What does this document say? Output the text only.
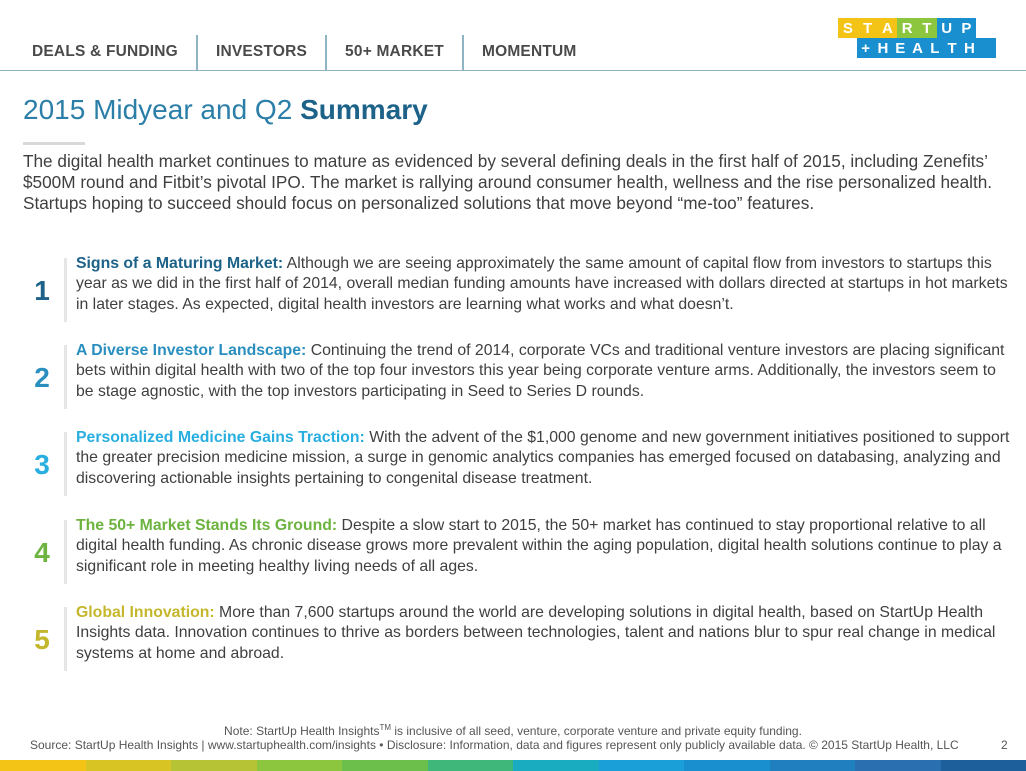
DEALS & FUNDING	INVESTORS	50+ MARKET	MOMENTUM
S T A R T U P
+ H E A L T H
2015 Midyear and Q2 Summary
The digital health market continues to mature as evidenced by several defining deals in the first half of 2015, including Zenefits’ $500M round and Fitbit’s pivotal IPO. The market is rallying around consumer health, wellness and the rise personalized health. Startups hoping to succeed should focus on personalized solutions that move beyond “me-too” features.
1
Signs of a Maturing Market: Although we are seeing approximately the same amount of capital flow from investors to startups this year as we did in the first half of 2014, overall median funding amounts have increased with dollars directed at startups in hot markets in later stages. As expected, digital health investors are learning what works and what doesn’t.
2
A Diverse Investor Landscape: Continuing the trend of 2014, corporate VCs and traditional venture investors are placing significant bets within digital health with two of the top four investors this year being corporate venture arms. Additionally, the investors seem to be stage agnostic, with the top investors participating in Seed to Series D rounds.
3
Personalized Medicine Gains Traction: With the advent of the $1,000 genome and new government initiatives positioned to support the greater precision medicine mission, a surge in genomic analytics companies has emerged focused on databasing, analyzing and discovering actionable insights pertaining to congenital disease treatment.
4
The 50+ Market Stands Its Ground: Despite a slow start to 2015, the 50+ market has continued to stay proportional relative to all digital health funding. As chronic disease grows more prevalent within the aging population, digital health solutions continue to play a significant role in meeting healthy living needs of all ages.
5
Global Innovation: More than 7,600 startups around the world are developing solutions in digital health, based on StartUp Health Insights data. Innovation continues to thrive as borders between technologies, talent and nations blur to spur real change in medical systems at home and abroad.
Note: StartUp Health Insights™ is inclusive of all seed, venture, corporate venture and private equity funding.
Source: StartUp Health Insights | www.startuphealth.com/insights • Disclosure: Information, data and figures represent only publicly available data. © 2015 StartUp Health, LLC	2
